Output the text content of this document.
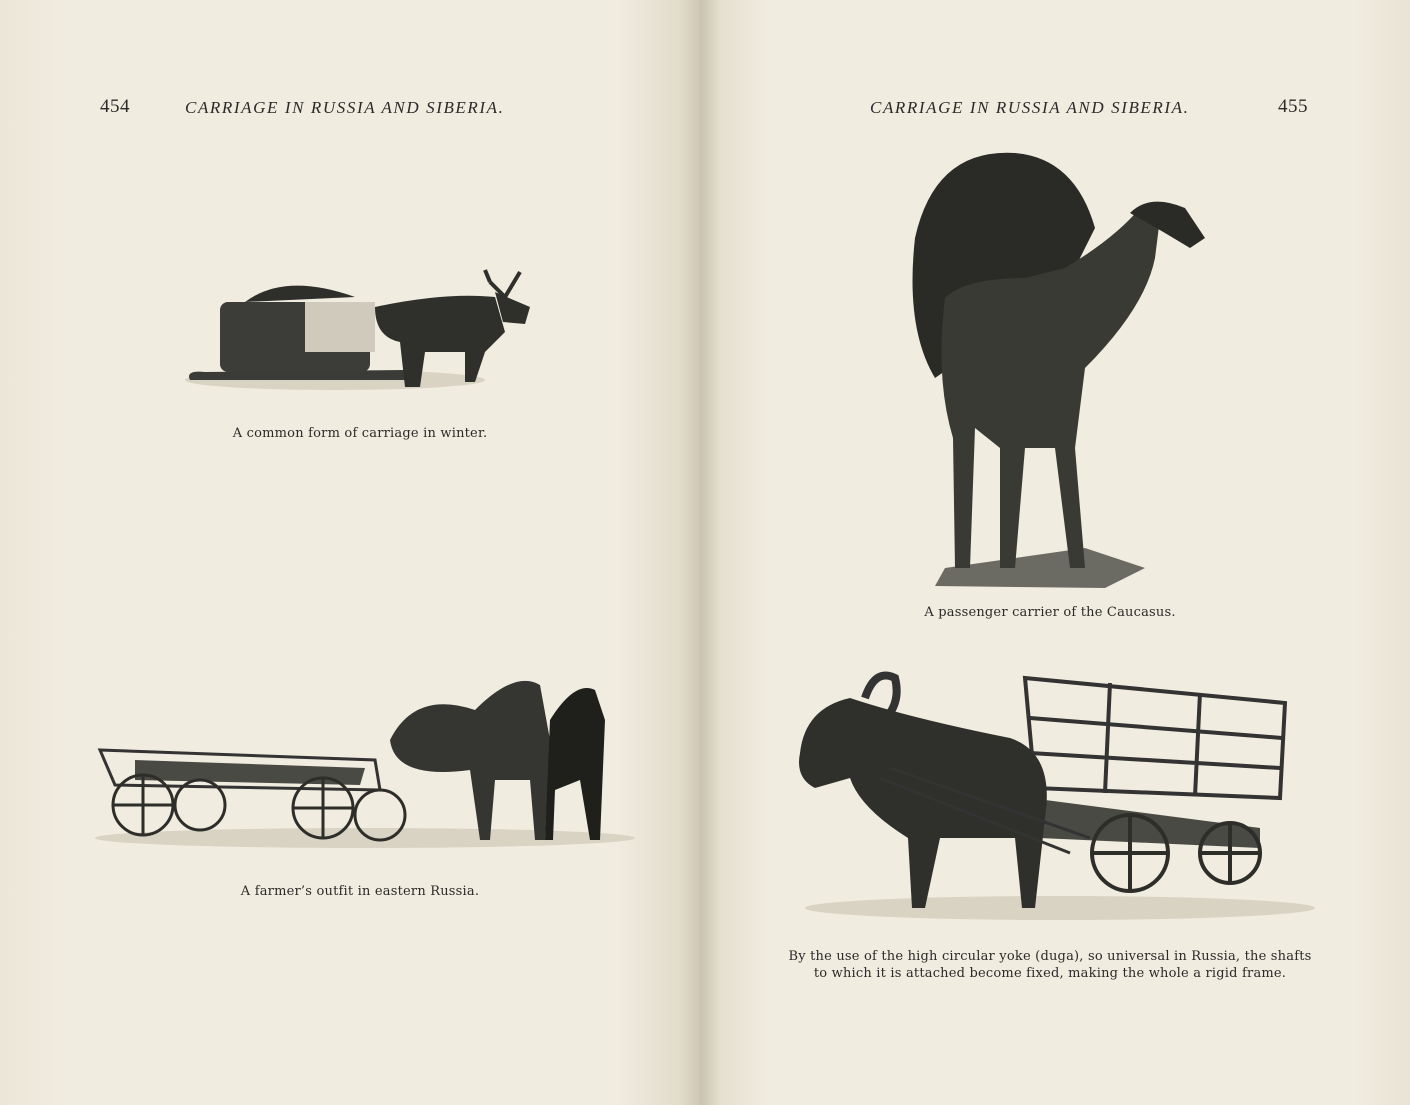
454	CARRIAGE IN RUSSIA AND SIBERIA.
A common form of carriage in winter.
A farmer’s outfit in eastern Russia.
CARRIAGE IN RUSSIA AND SIBERIA.	455
A passenger carrier of the Caucasus.
By the use of the high circular yoke (duga), so universal in Russia, the shafts
to which it is attached become fixed, making the whole a rigid frame.
